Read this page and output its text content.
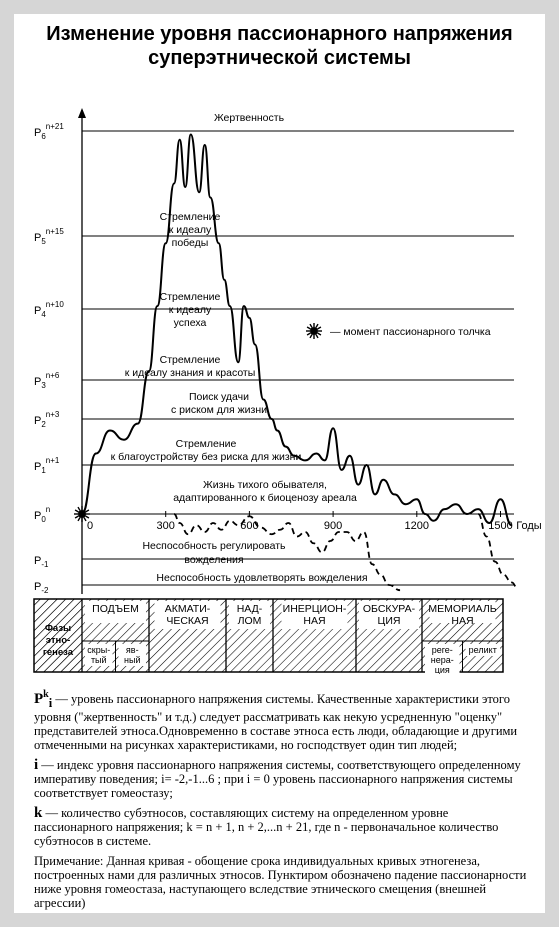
Изменение уровня пассионарного напряжения
суперэтнической системы
Жертвенность
Стремление
к идеалу
победы
Стремление
к идеалу
успеха
Стремление
к идеалу знания и красоты
Поиск удачи
с риском для жизни
Стремление
к благоустройству без риска для жизни
Жизнь тихого обывателя,
адаптированного к биоценозу ареала
Неспособность регулировать
вожделения
Неспособность удовлетворять вожделения
$P_6^{n+21}$
$P_5^{n+15}$
$P_4^{n+10}$
$P_3^{n+6}$
$P_2^{n+3}$
$P_1^{n+1}$
$P_0^n$
$P_{-1}$
$P_{-2}$
0	300	600	900	1200	1500 Годы
Фазы
этно-
генеза
ПОДЪЕМ
скры-
тый
яв-
ный
АКМАТИ-
ЧЕСКАЯ
НАД-
ЛОМ
ИНЕРЦИОН-
НАЯ
ОБСКУРА-
ЦИЯ
МЕМОРИАЛЬ
НАЯ
реге-
нера-
ция
реликт
— момент пассионарного толчка

$P^k_i$ — уровень пассионарного напряжения системы. Качественные характеристики этого уровня ("жертвенность" и т.д.) следует рассматривать как некую усредненную "оценку" представителей этноса.Одновременно в составе этноса есть люди, обладающие и другими отмеченными на рисунках характеристиками, но господствует один тип людей;

i — индекс уровня пассионарного напряжения системы, соответствующего определенному императиву поведения; i= -2,-1...6 ; при i = 0 уровень пассионарного напряжения системы соответствует гомеостазу;

k — количество субэтносов, составляющих систему на определенном уровне пассионарного напряжения; k = n + 1, n + 2,...n + 21, где n - первоначальное количество субэтносов в системе.

Примечание: Данная кривая - обощение срока индивидуальных кривых этногенеза, построенных нами для различных этносов. Пунктиром обозначено падение пассионарности ниже уровня гомеостаза, наступающего вследствие этнического смещения (внешней агрессии)
